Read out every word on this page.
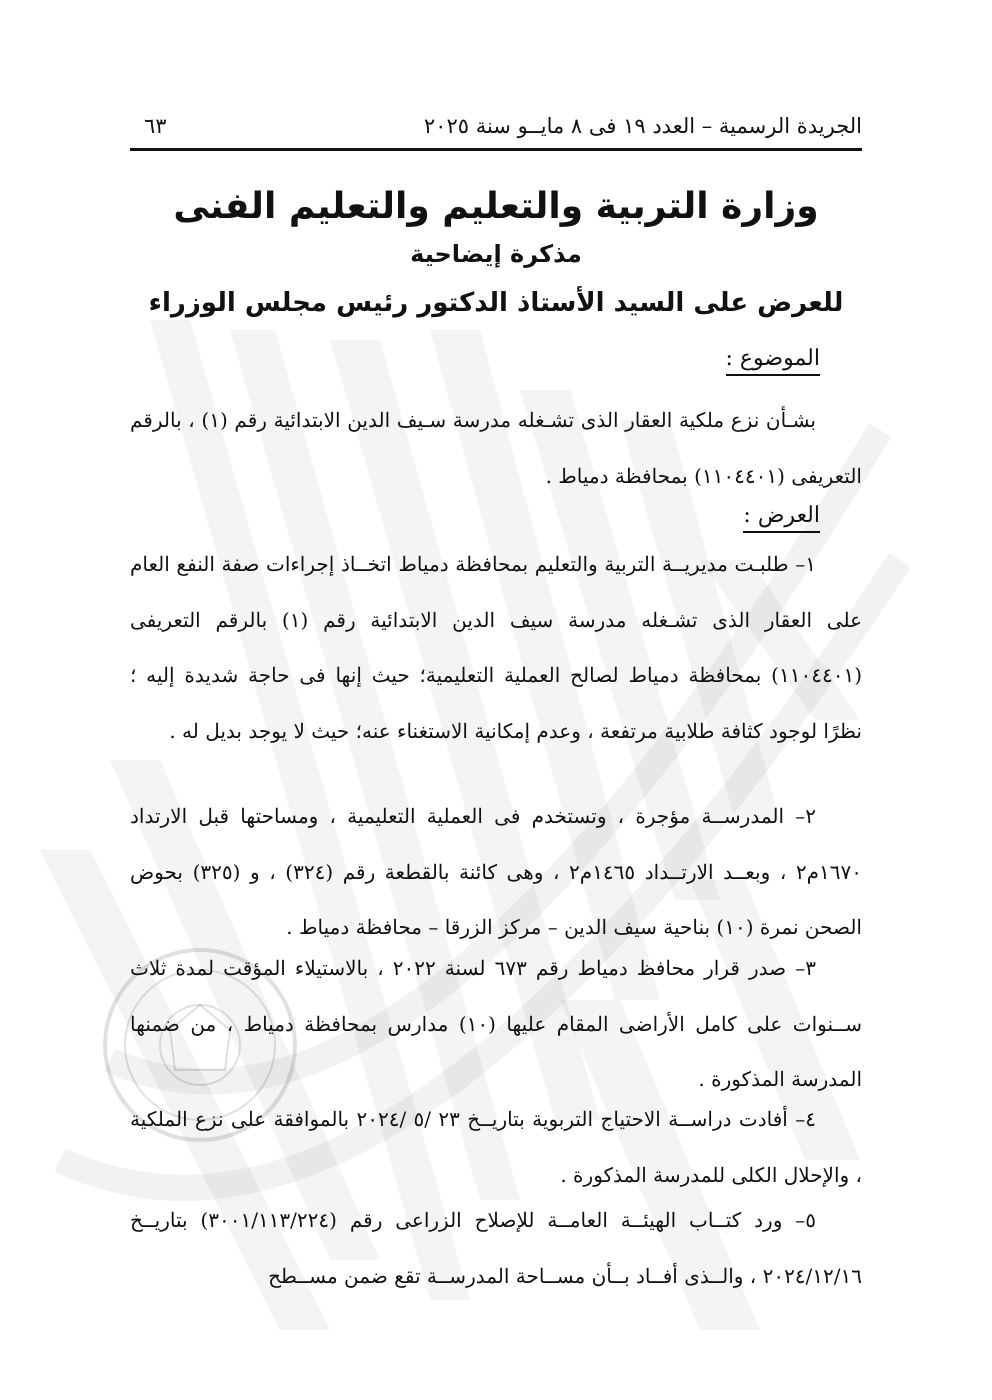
الجريدة الرسمية – العدد ١٩ فى ٨ مايــو سنة ٢٠٢٥
٦٣
وزارة التربية والتعليم والتعليم الفنى
مذكرة إيضاحية
للعرض على السيد الأستاذ الدكتور رئيس مجلس الوزراء
الموضوع :
بشـأن نزع ملكية العقار الذى تشـغله مدرسة سـيف الدين الابتدائية رقم (١) ، بالرقم التعريفى (١١٠٤٤٠١) بمحافظة دمياط .
العرض :
١– طلبـت مديريــة التربية والتعليم بمحافظة دمياط اتخــاذ إجراءات صفة النفع العام على العقار الذى تشـغله مدرسة سيف الدين الابتدائية رقم (١) بالرقم التعريفى (١١٠٤٤٠١) بمحافظة دمياط لصالح العملية التعليمية؛ حيث إنها فى حاجة شديدة إليه ؛ نظرًا لوجود كثافة طلابية مرتفعة ، وعدم إمكانية الاستغناء عنه؛ حيث لا يوجد بديل له .
٢– المدرســة مؤجرة ، وتستخدم فى العملية التعليمية ، ومساحتها قبل الارتداد ١٦٧٠م٢ ، وبعــد الارتــداد ١٤٦٥م٢ ، وهى كائنة بالقطعة رقم (٣٢٤) ، و (٣٢٥) بحوض الصحن نمرة (١٠) بناحية سيف الدين – مركز الزرقا – محافظة دمياط .
٣– صدر قرار محافظ دمياط رقم ٦٧٣ لسنة ٢٠٢٢ ، بالاستيلاء المؤقت لمدة ثلاث ســنوات على كامل الأراضى المقام عليها (١٠) مدارس بمحافظة دمياط ، من ضمنها المدرسة المذكورة .
٤– أفادت دراســة الاحتياج التربوية بتاريــخ ٢٣ /٥ /٢٠٢٤ بالموافقة على نزع الملكية ، والإحلال الكلى للمدرسة المذكورة .
٥– ورد كتــاب الهيئــة العامــة للإصلاح الزراعى رقم (٣٠٠١/١١٣/٢٢٤) بتاريــخ ٢٠٢٤/١٢/١٦ ، والــذى أفــاد بــأن مســاحة المدرســة تقع ضمن مســطح
